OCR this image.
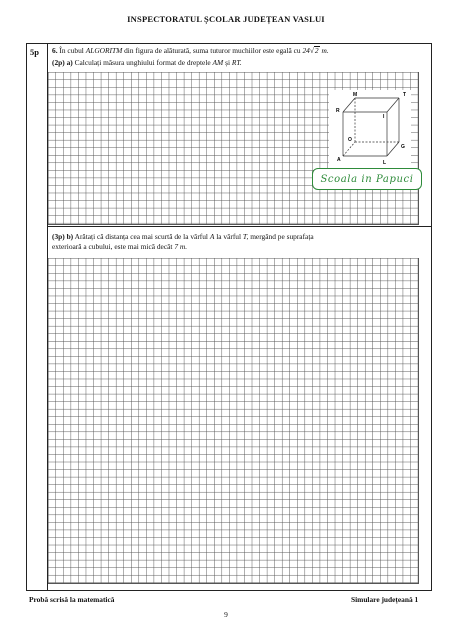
INSPECTORATUL ȘCOLAR JUDEȚEAN VASLUI
5p 6. În cubul ALGORITM din figura de alăturată, suma tuturor muchiilor este egală cu 24√2 m.
(2p) a) Calculați măsura unghiului format de dreptele AM și RT.
M	T
R
I
O
G
A	L
Scoala in Papuci
(3p) b) Arătați că distanța cea mai scurtă de la vârful A la vârful T, mergând pe suprafața
exterioară a cubului, este mai mică decât 7 m.
Probă scrisă la matematică	Simulare județeană 1
9
